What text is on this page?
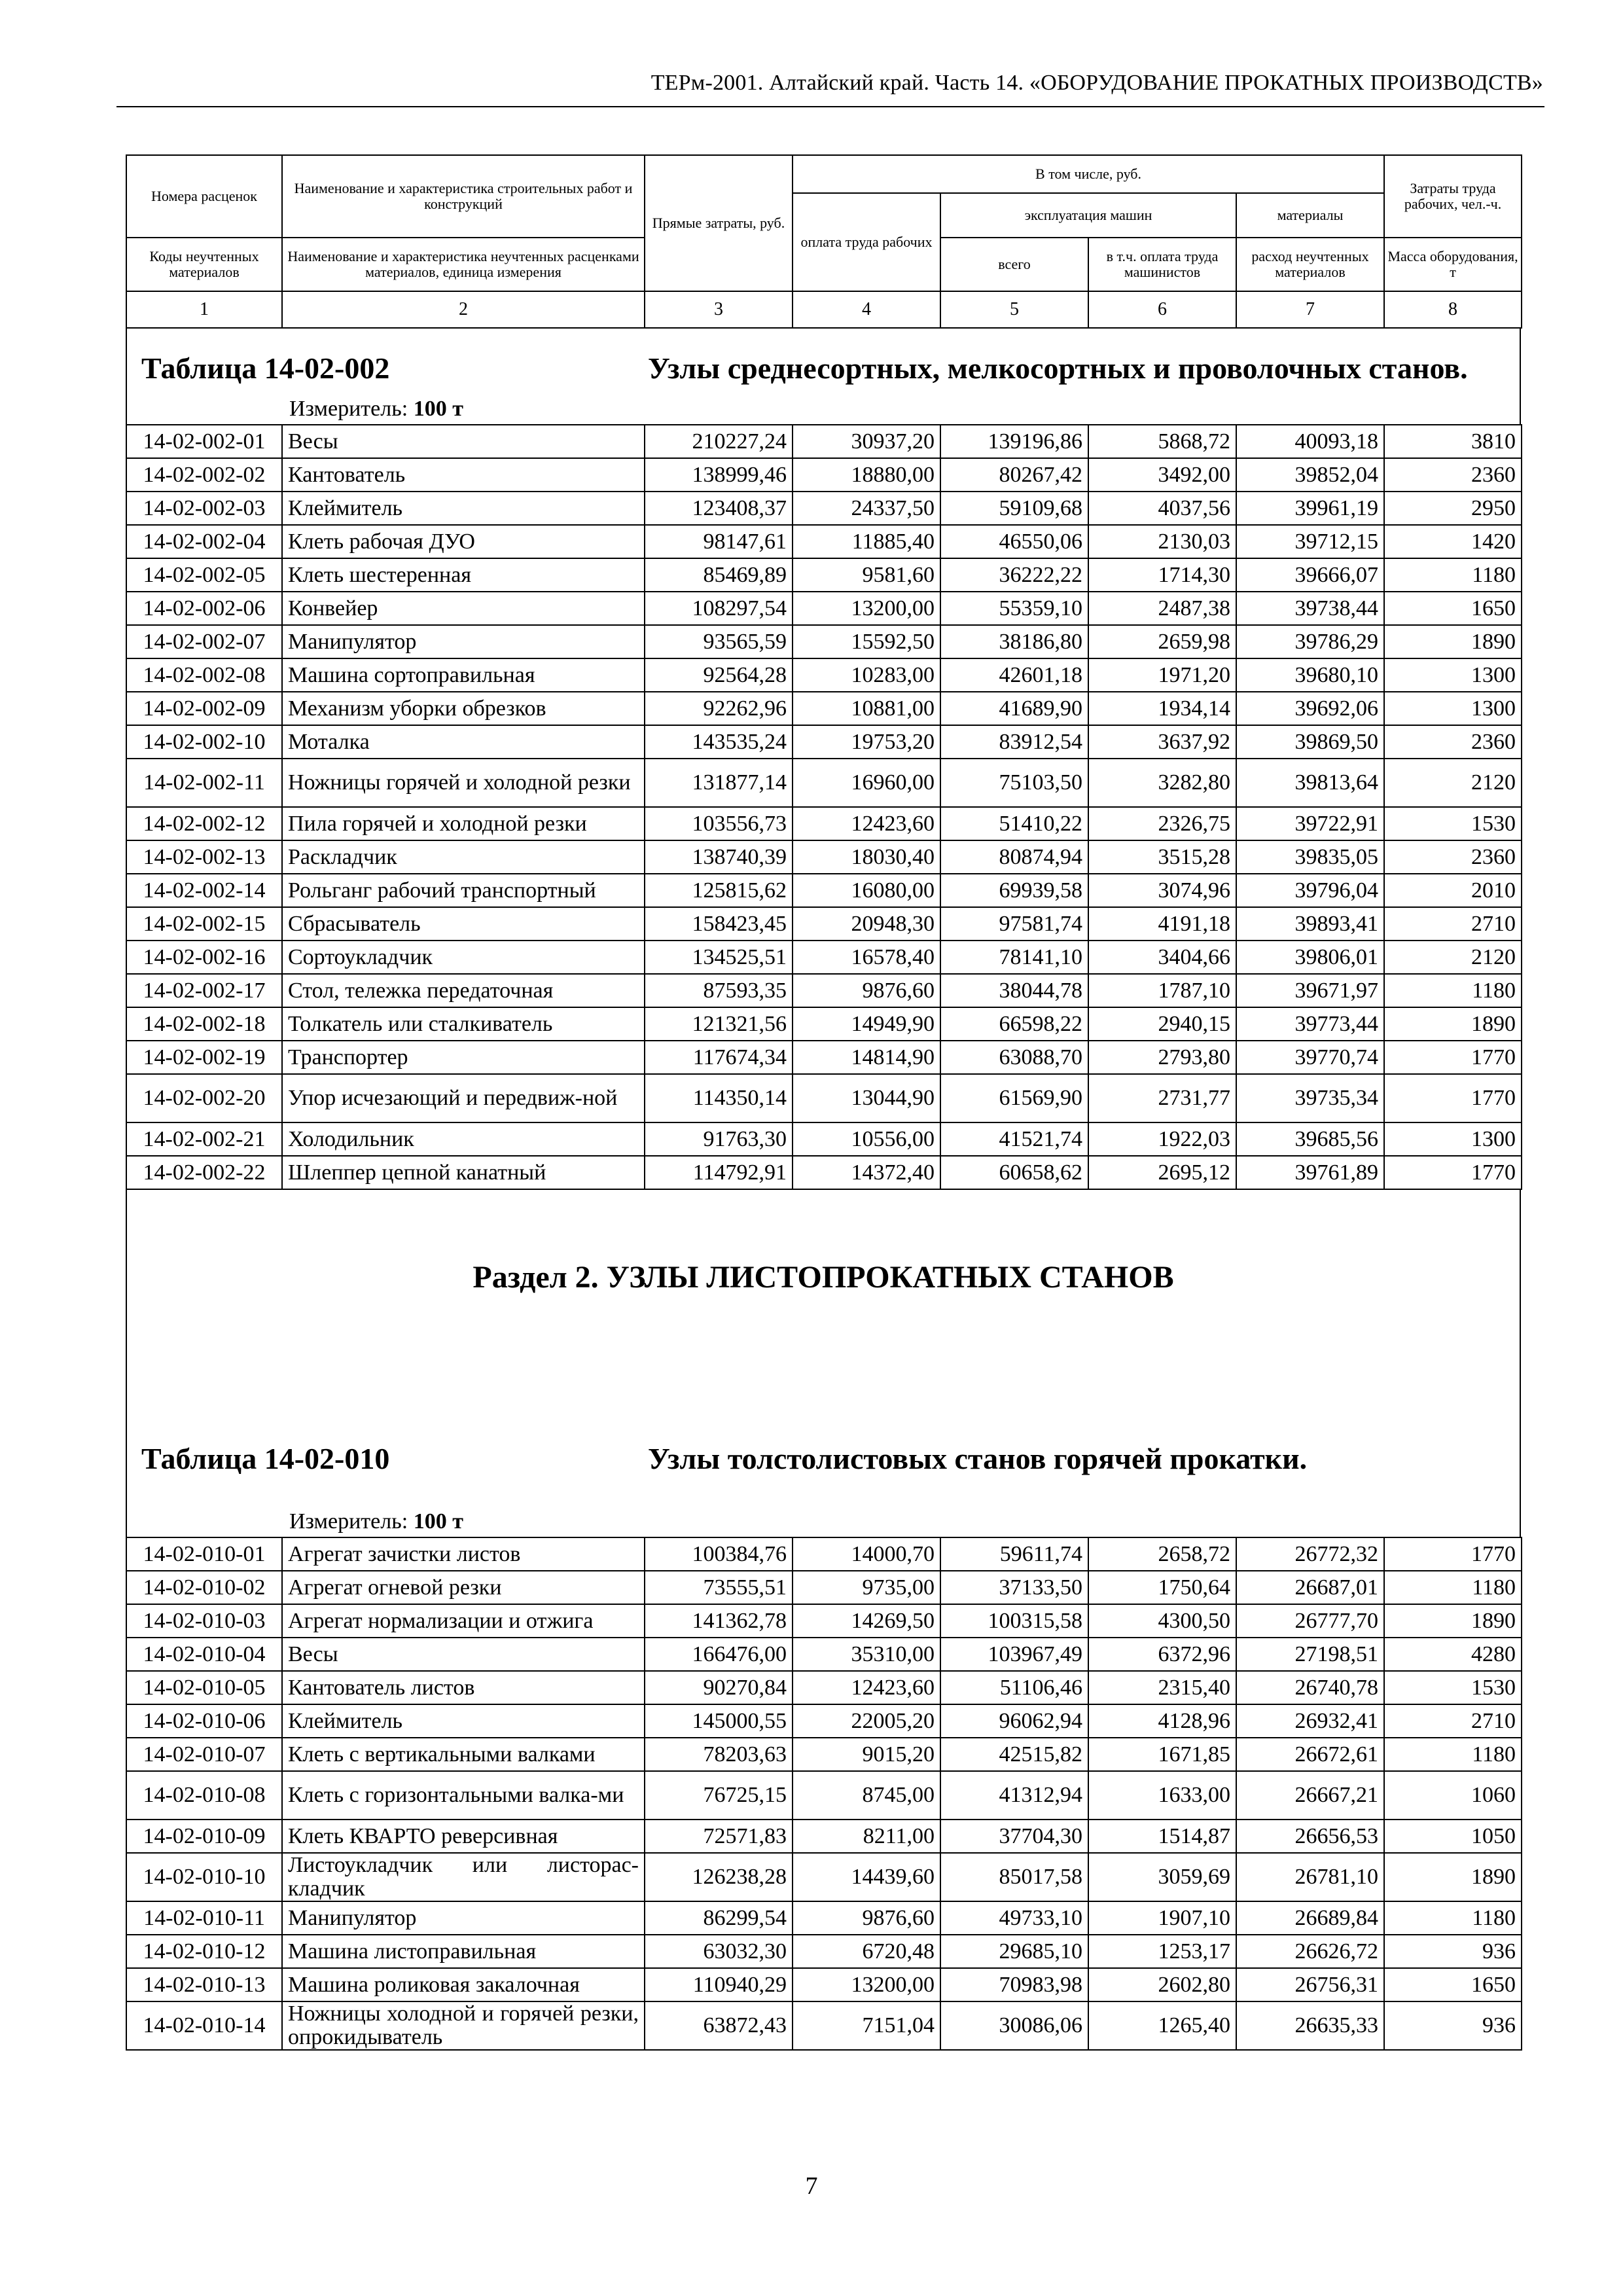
ТЕРм-2001. Алтайский край. Часть 14. «ОБОРУДОВАНИЕ ПРОКАТНЫХ ПРОИЗВОДСТВ»
Номера расценок	Наименование и характеристика строительных работ и конструкций	Прямые затраты, руб.	В том числе, руб.				Затраты труда рабочих, чел.-ч.
			оплата труда рабочих	эксплуатация машин		материалы	
Коды неучтенных материалов	Наименование и характеристика неучтенных расценками материалов, единица измерения			всего	в т.ч. оплата труда машинистов	расход неучтенных материалов	Масса оборудования, т
1	2	3	4	5	6	7	8
Таблица 14-02-002	Узлы среднесортных, мелкосортных и проволочных станов.
Измеритель: 100 т
14-02-002-01	Весы	210227,24	30937,20	139196,86	5868,72	40093,18	3810
14-02-002-02	Кантователь	138999,46	18880,00	80267,42	3492,00	39852,04	2360
14-02-002-03	Клеймитель	123408,37	24337,50	59109,68	4037,56	39961,19	2950
14-02-002-04	Клеть рабочая ДУО	98147,61	11885,40	46550,06	2130,03	39712,15	1420
14-02-002-05	Клеть шестеренная	85469,89	9581,60	36222,22	1714,30	39666,07	1180
14-02-002-06	Конвейер	108297,54	13200,00	55359,10	2487,38	39738,44	1650
14-02-002-07	Манипулятор	93565,59	15592,50	38186,80	2659,98	39786,29	1890
14-02-002-08	Машина сортоправильная	92564,28	10283,00	42601,18	1971,20	39680,10	1300
14-02-002-09	Механизм уборки обрезков	92262,96	10881,00	41689,90	1934,14	39692,06	1300
14-02-002-10	Моталка	143535,24	19753,20	83912,54	3637,92	39869,50	2360
14-02-002-11	Ножницы горячей и холодной резки	131877,14	16960,00	75103,50	3282,80	39813,64	2120
14-02-002-12	Пила горячей и холодной резки	103556,73	12423,60	51410,22	2326,75	39722,91	1530
14-02-002-13	Раскладчик	138740,39	18030,40	80874,94	3515,28	39835,05	2360
14-02-002-14	Рольганг рабочий транспортный	125815,62	16080,00	69939,58	3074,96	39796,04	2010
14-02-002-15	Сбрасыватель	158423,45	20948,30	97581,74	4191,18	39893,41	2710
14-02-002-16	Сортоукладчик	134525,51	16578,40	78141,10	3404,66	39806,01	2120
14-02-002-17	Стол, тележка передаточная	87593,35	9876,60	38044,78	1787,10	39671,97	1180
14-02-002-18	Толкатель или сталкиватель	121321,56	14949,90	66598,22	2940,15	39773,44	1890
14-02-002-19	Транспортер	117674,34	14814,90	63088,70	2793,80	39770,74	1770
14-02-002-20	Упор исчезающий и передвиж-ной	114350,14	13044,90	61569,90	2731,77	39735,34	1770
14-02-002-21	Холодильник	91763,30	10556,00	41521,74	1922,03	39685,56	1300
14-02-002-22	Шлеппер цепной канатный	114792,91	14372,40	60658,62	2695,12	39761,89	1770
Раздел 2. УЗЛЫ ЛИСТОПРОКАТНЫХ СТАНОВ
Таблица 14-02-010	Узлы толстолистовых станов горячей прокатки.
Измеритель: 100 т
14-02-010-01	Агрегат зачистки листов	100384,76	14000,70	59611,74	2658,72	26772,32	1770
14-02-010-02	Агрегат огневой резки	73555,51	9735,00	37133,50	1750,64	26687,01	1180
14-02-010-03	Агрегат нормализации и отжига	141362,78	14269,50	100315,58	4300,50	26777,70	1890
14-02-010-04	Весы	166476,00	35310,00	103967,49	6372,96	27198,51	4280
14-02-010-05	Кантователь листов	90270,84	12423,60	51106,46	2315,40	26740,78	1530
14-02-010-06	Клеймитель	145000,55	22005,20	96062,94	4128,96	26932,41	2710
14-02-010-07	Клеть с вертикальными валками	78203,63	9015,20	42515,82	1671,85	26672,61	1180
14-02-010-08	Клеть с горизонтальными валка-ми	76725,15	8745,00	41312,94	1633,00	26667,21	1060
14-02-010-09	Клеть КВАРТО реверсивная	72571,83	8211,00	37704,30	1514,87	26656,53	1050
14-02-010-10	Листоукладчик или листорас-кладчик	126238,28	14439,60	85017,58	3059,69	26781,10	1890
14-02-010-11	Манипулятор	86299,54	9876,60	49733,10	1907,10	26689,84	1180
14-02-010-12	Машина листоправильная	63032,30	6720,48	29685,10	1253,17	26626,72	936
14-02-010-13	Машина роликовая закалочная	110940,29	13200,00	70983,98	2602,80	26756,31	1650
14-02-010-14	Ножницы холодной и горячей резки, опрокидыватель	63872,43	7151,04	30086,06	1265,40	26635,33	936
7
